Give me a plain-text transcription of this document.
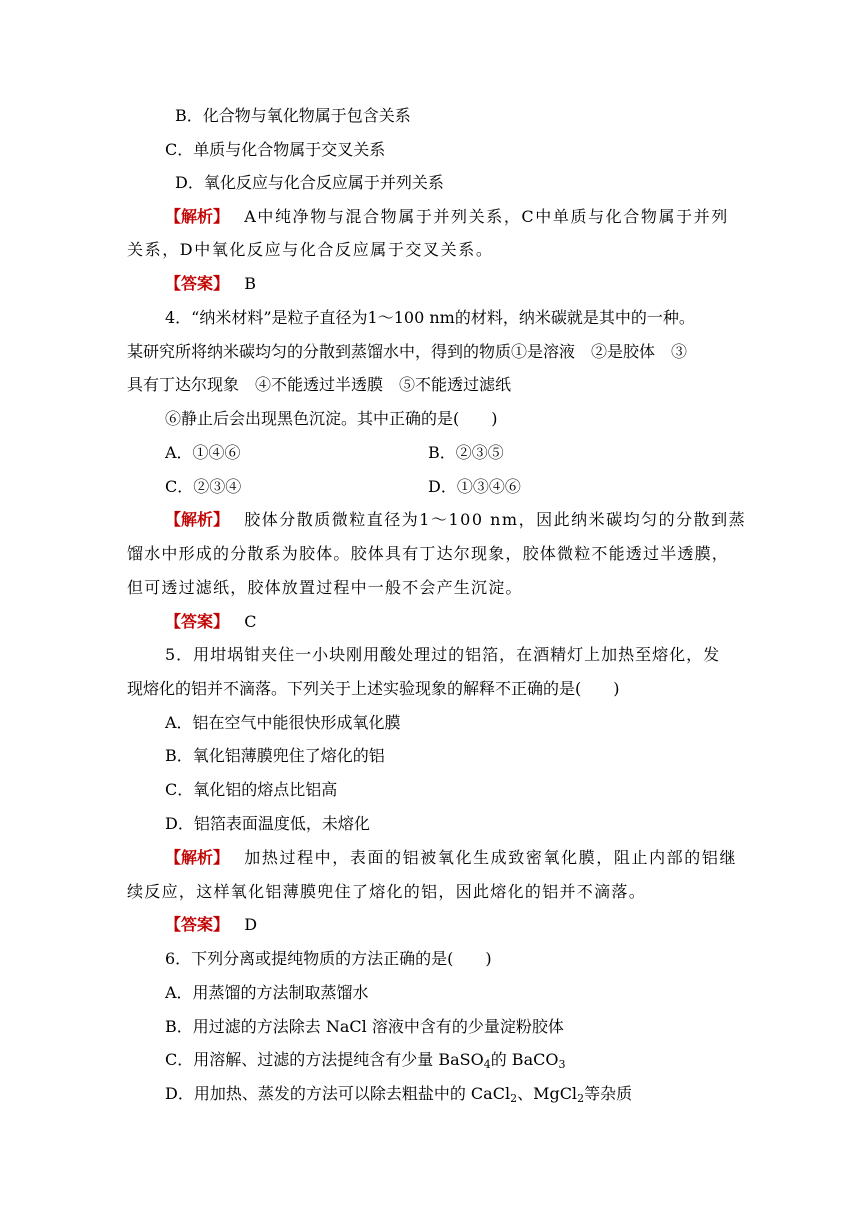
B．化合物与氧化物属于包含关系
C．单质与化合物属于交叉关系
D．氧化反应与化合反应属于并列关系
【解析】 A中纯净物与混合物属于并列关系，C中单质与化合物属于并列
关系，D中氧化反应与化合反应属于交叉关系。
【答案】 B
4．“纳米材料”是粒子直径为1～100 nm的材料，纳米碳就是其中的一种。
某研究所将纳米碳均匀的分散到蒸馏水中，得到的物质①是溶液　②是胶体　③
具有丁达尔现象　④不能透过半透膜　⑤不能透过滤纸
⑥静止后会出现黑色沉淀。其中正确的是(　　)
A．①④⑥	B．②③⑤
C．②③④	D．①③④⑥
【解析】 胶体分散质微粒直径为1～100 nm，因此纳米碳均匀的分散到蒸
馏水中形成的分散系为胶体。胶体具有丁达尔现象，胶体微粒不能透过半透膜，
但可透过滤纸，胶体放置过程中一般不会产生沉淀。
【答案】 C
5．用坩埚钳夹住一小块刚用酸处理过的铝箔，在酒精灯上加热至熔化，发
现熔化的铝并不滴落。下列关于上述实验现象的解释不正确的是(　　)
A．铝在空气中能很快形成氧化膜
B．氧化铝薄膜兜住了熔化的铝
C．氧化铝的熔点比铝高
D．铝箔表面温度低，未熔化
【解析】 加热过程中，表面的铝被氧化生成致密氧化膜，阻止内部的铝继
续反应，这样氧化铝薄膜兜住了熔化的铝，因此熔化的铝并不滴落。
【答案】 D
6．下列分离或提纯物质的方法正确的是(　　)
A．用蒸馏的方法制取蒸馏水
B．用过滤的方法除去 NaCl 溶液中含有的少量淀粉胶体
C．用溶解、过滤的方法提纯含有少量 BaSO$_4$的 BaCO$_3$
D．用加热、蒸发的方法可以除去粗盐中的 CaCl$_2$、MgCl$_2$等杂质
